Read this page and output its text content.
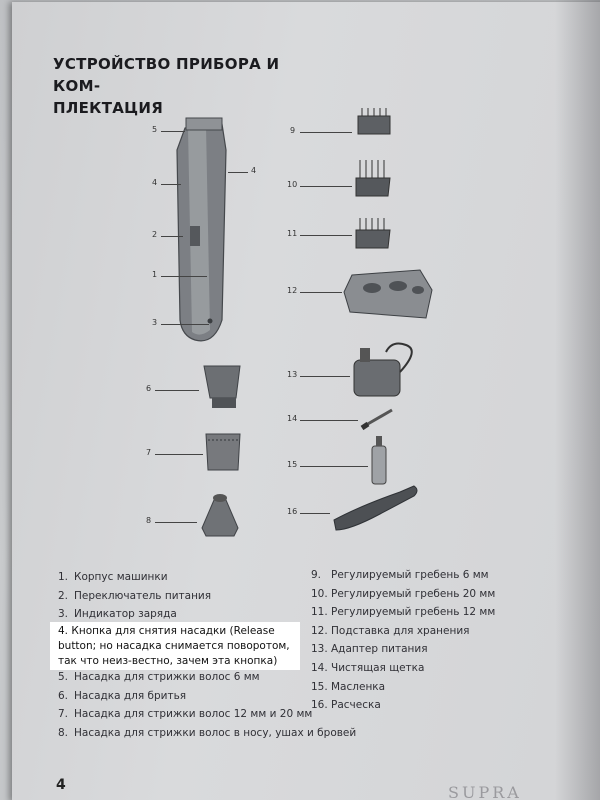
УСТРОЙСТВО ПРИБОРА И КОМ-
ПЛЕКТАЦИЯ
5
4
4
2
1
3
6
7
8
9
10
11
12
13
14
15
16
1. Корпус машинки
2. Переключатель питания
3. Индикатор заряда
4. Кнопка для снятия насадки (Release button; но насадка снимается поворотом, так что неиз-вестно, зачем эта кнопка)
5. Насадка для стрижки волос 6 мм
6. Насадка для бритья
7. Насадка для стрижки волос 12 мм и 20 мм
8. Насадка для стрижки волос в носу, ушах и бровей
9. Регулируемый гребень 6 мм
10. Регулируемый гребень 20 мм
11. Регулируемый гребень 12 мм
12. Подставка для хранения
13. Адаптер питания
14. Чистящая щетка
15. Масленка
16. Расческа
4	SUPRA
